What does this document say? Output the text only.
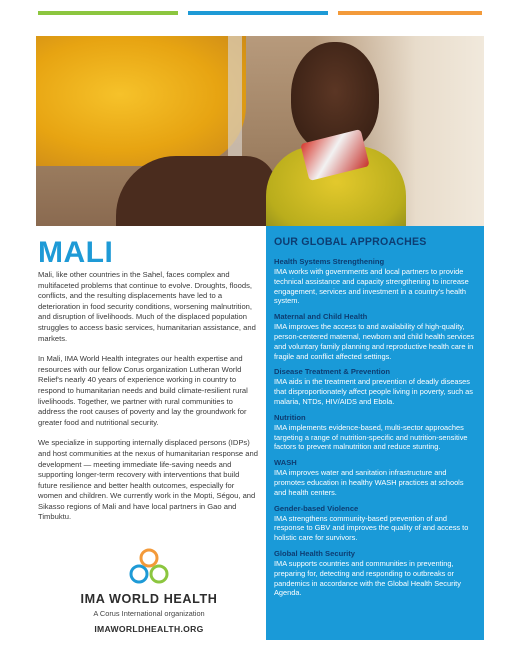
MALI

Mali, like other countries in the Sahel, faces complex and multifaceted problems that continue to evolve. Droughts, floods, conflicts, and the resulting displacements have led to a deterioration in food security conditions, worsening malnutrition, and disruption of livelihoods. Much of the displaced population struggles to access basic services, humanitarian assistance, and markets.

In Mali, IMA World Health integrates our health expertise and resources with our fellow Corus organization Lutheran World Relief's nearly 40 years of experience working in country to respond to humanitarian needs and build climate-resilient rural livelihoods. Together, we partner with rural communities to address the root causes of poverty and lay the groundwork for greater food and nutritional security.

We specialize in supporting internally displaced persons (IDPs) and host communities at the nexus of humanitarian response and development — meeting immediate life-saving needs and supporting longer-term recovery with interventions that build future resilience and better health outcomes, especially for women and children. We currently work in the Mopti, Ségou, and Sikasso regions of Mali and have local partners in Gao and Timbuktu.

IMA WORLD HEALTH
A Corus International organization
IMAWORLDHEALTH.ORG
OUR GLOBAL APPROACHES
Health Systems Strengthening
IMA works with governments and local partners to provide technical assistance and capacity strengthening to increase engagement, services and investment in a country's health system.
Maternal and Child Health
IMA improves the access to and availability of high-quality, person-centered maternal, newborn and child health services and voluntary family planning and reproductive health care in fragile and conflict affected settings.
Disease Treatment & Prevention
IMA aids in the treatment and prevention of deadly diseases that disproportionately affect people living in poverty, such as malaria, NTDs, HIV/AIDS and Ebola.
Nutrition
IMA implements evidence-based, multi-sector approaches targeting a range of nutrition-specific and nutrition-sensitive factors to prevent malnutrition and reduce stunting.
WASH
IMA improves water and sanitation infrastructure and promotes education in healthy WASH practices at schools and health centers.
Gender-based Violence
IMA strengthens community-based prevention of and response to GBV and improves the quality of and access to holistic care for survivors.
Global Health Security
IMA supports countries and communities in preventing, preparing for, detecting and responding to outbreaks or pandemics in accordance with the Global Health Security Agenda.
